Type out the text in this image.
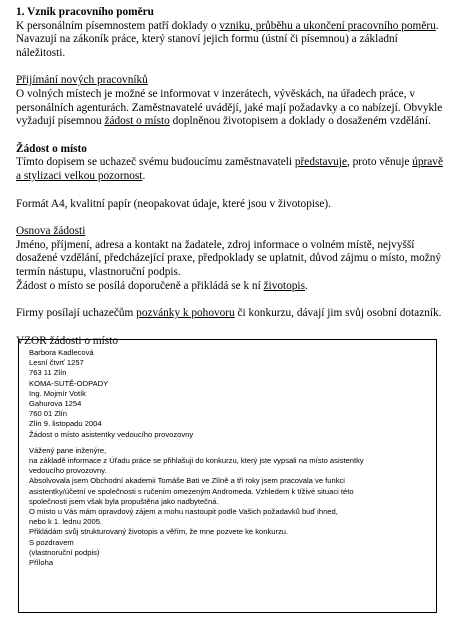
1. Vznik pracovního poměru

K personálním písemnostem patří doklady o vzniku, průběhu a ukončení pracovního poměru.

Navazují na zákoník práce, který stanoví jejich formu (ústní či písemnou) a základní

náležitosti.

Přijímání nových pracovníků

O volných místech je možné se informovat v inzerátech, vývěskách, na úřadech práce, v

personálních agenturách. Zaměstnavatelé uvádějí, jaké mají požadavky a co nabízejí. Obvykle

vyžadují písemnou žádost o místo doplněnou životopisem a doklady o dosaženém vzdělání.

Žádost o místo

Tímto dopisem se uchazeč svému budoucímu zaměstnavateli představuje, proto věnuje úpravě

a stylizaci velkou pozornost.

Formát A4, kvalitní papír (neopakovat údaje, které jsou v životopise).

Osnova žádosti

Jméno, příjmení, adresa a kontakt na žadatele, zdroj informace o volném místě, nejvyšší

dosažené vzdělání, předcházející praxe, předpoklady se uplatnit, důvod zájmu o místo, možný

termín nástupu, vlastnoruční podpis.

Žádost o místo se posílá doporučeně a přikládá se k ní životopis.

Firmy posílají uchazečům pozvánky k pohovoru či konkurzu, dávají jim svůj osobní dotazník.

VZOR žádosti o místo

Barbora Kadlecová
Lesní čtvrť 1257
763 11 Zlín
KOMA-SUTĚ-ODPADY
Ing. Mojmír Votík
Gahurova 1254
760 01 Zlín
Zlín 9. listopadu 2004
Žádost o místo asistentky vedoucího provozovny
Vážený pane inženýre,
na základě informace z Úřadu práce se přihlašuji do konkurzu, který jste vypsali na místo asistentky
vedoucího provozovny.
Absolvovala jsem Obchodní akademii Tomáše Bati ve Zlíně a tři roky jsem pracovala ve funkci
asistentky/účetní ve společnosti s ručením omezeným Andromeda. Vzhledem k tíživé situaci této
společnosti jsem však byla propuštěna jako nadbytečná.
O místo u Vás mám opravdový zájem a mohu nastoupit podle Vašich požadavků buď ihned,
nebo k 1. lednu 2005.
Přikládám svůj strukturovaný životopis a věřím, že mne pozvete ke konkurzu.
S pozdravem
(vlastnoruční podpis)
Příloha
